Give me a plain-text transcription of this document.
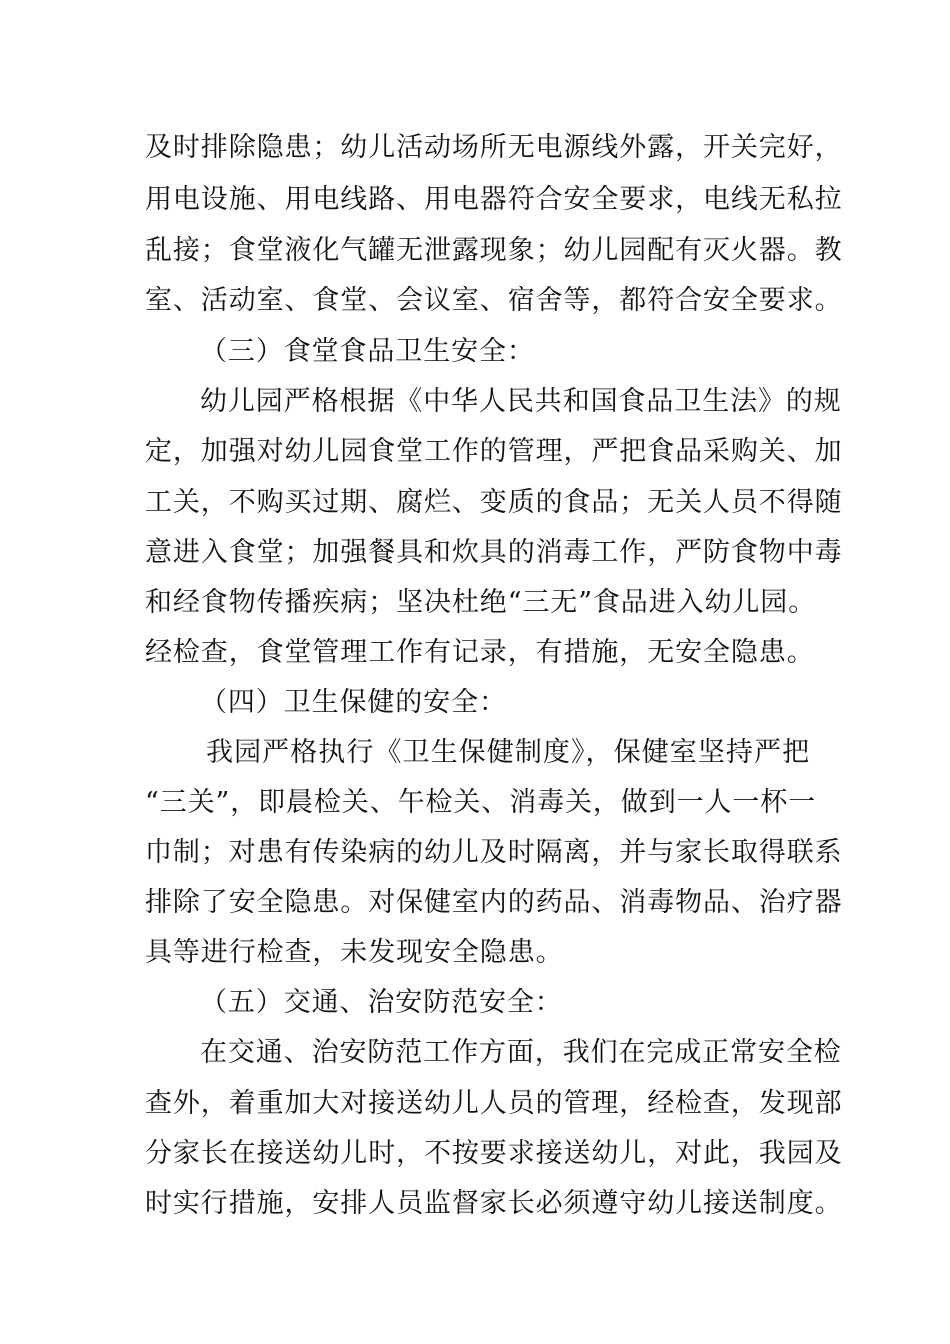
及时排除隐患；幼儿活动场所无电源线外露，开关完好，
用电设施、用电线路、用电器符合安全要求，电线无私拉
乱接；食堂液化气罐无泄露现象；幼儿园配有灭火器。教
室、活动室、食堂、会议室、宿舍等，都符合安全要求。
（三）食堂食品卫生安全：
幼儿园严格根据《中华人民共和国食品卫生法》的规
定，加强对幼儿园食堂工作的管理，严把食品采购关、加
工关，不购买过期、腐烂、变质的食品；无关人员不得随
意进入食堂；加强餐具和炊具的消毒工作，严防食物中毒
和经食物传播疾病；坚决杜绝“三无”食品进入幼儿园。
经检查，食堂管理工作有记录，有措施，无安全隐患。
（四）卫生保健的安全：
我园严格执行《卫生保健制度》，保健室坚持严把
“三关”，即晨检关、午检关、消毒关，做到一人一杯一
巾制；对患有传染病的幼儿及时隔离，并与家长取得联系
排除了安全隐患。对保健室内的药品、消毒物品、治疗器
具等进行检查，未发现安全隐患。
（五）交通、治安防范安全：
在交通、治安防范工作方面，我们在完成正常安全检
查外，着重加大对接送幼儿人员的管理，经检查，发现部
分家长在接送幼儿时，不按要求接送幼儿，对此，我园及
时实行措施，安排人员监督家长必须遵守幼儿接送制度。
